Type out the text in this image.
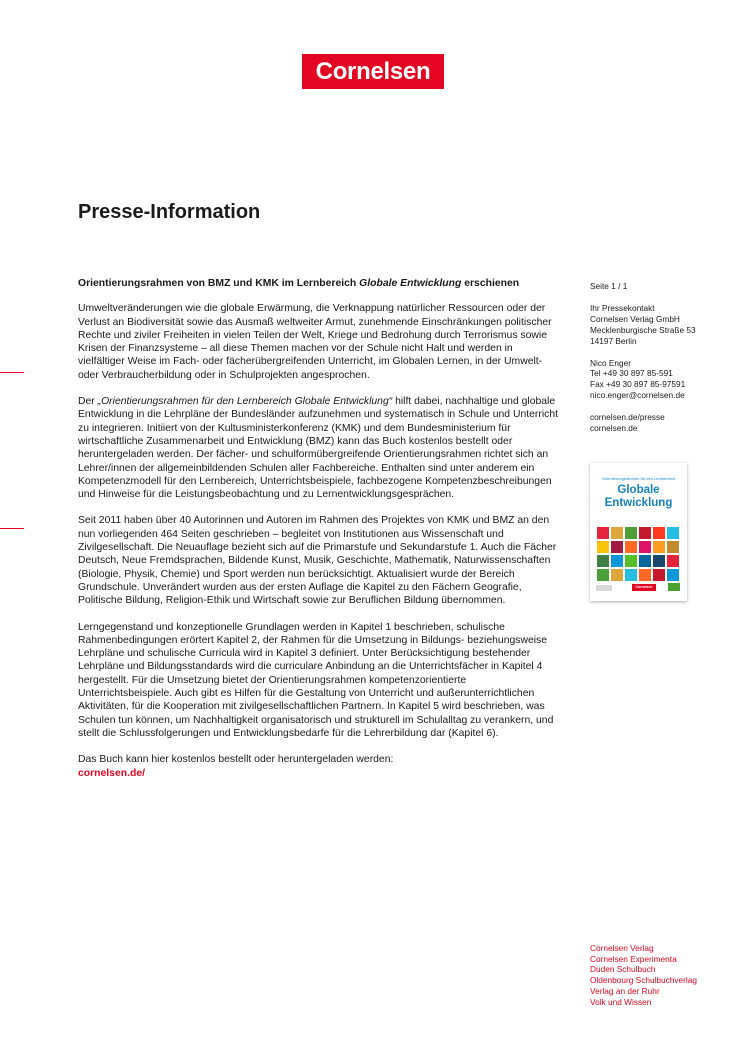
Cornelsen
Presse-Information
Orientierungsrahmen von BMZ und KMK im Lernbereich Globale Entwicklung erschienen

Umweltveränderungen wie die globale Erwärmung, die Verknappung natürlicher Ressourcen oder der Verlust an Biodiversität sowie das Ausmaß weltweiter Armut, zunehmende Einschränkungen politischer Rechte und ziviler Freiheiten in vielen Teilen der Welt, Kriege und Bedrohung durch Terrorismus sowie Krisen der Finanzsysteme – all diese Themen machen vor der Schule nicht Halt und werden in vielfältiger Weise im Fach- oder fächerübergreifenden Unterricht, im Globalen Lernen, in der Umwelt- oder Verbraucherbildung oder in Schulprojekten angesprochen.

Der „Orientierungsrahmen für den Lernbereich Globale Entwicklung“ hilft dabei, nachhaltige und globale Entwicklung in die Lehrpläne der Bundesländer aufzunehmen und systematisch in Schule und Unterricht zu integrieren. Initiiert von der Kultusministerkonferenz (KMK) und dem Bundesministerium für wirtschaftliche Zusammenarbeit und Entwicklung (BMZ) kann das Buch kostenlos bestellt oder heruntergeladen werden. Der fächer- und schulformübergreifende Orientierungsrahmen richtet sich an Lehrer/innen der allgemeinbildenden Schulen aller Fachbereiche. Enthalten sind unter anderem ein Kompetenzmodell für den Lernbereich, Unterrichtsbeispiele, fachbezogene Kompetenzbeschreibungen und Hinweise für die Leistungsbeobachtung und zu Lernentwicklungsgesprächen.

Seit 2011 haben über 40 Autorinnen und Autoren im Rahmen des Projektes von KMK und BMZ an den nun vorliegenden 464 Seiten geschrieben – begleitet von Institutionen aus Wissenschaft und Zivilgesellschaft. Die Neuauflage bezieht sich auf die Primarstufe und Sekundarstufe 1. Auch die Fächer Deutsch, Neue Fremdsprachen, Bildende Kunst, Musik, Geschichte, Mathematik, Naturwissenschaften (Biologie, Physik, Chemie) und Sport werden nun berücksichtigt. Aktualisiert wurde der Bereich Grundschule. Unverändert wurden aus der ersten Auflage die Kapitel zu den Fächern Geografie, Politische Bildung, Religion-Ethik und Wirtschaft sowie zur Beruflichen Bildung übernommen.

Lerngegenstand und konzeptionelle Grundlagen werden in Kapitel 1 beschrieben, schulische Rahmenbedingungen erörtert Kapitel 2, der Rahmen für die Umsetzung in Bildungs- beziehungsweise Lehrpläne und schulische Curricula wird in Kapitel 3 definiert. Unter Berücksichtigung bestehender Lehrpläne und Bildungsstandards wird die curriculare Anbindung an die Unterrichtsfächer in Kapitel 4 hergestellt. Für die Umsetzung bietet der Orientierungsrahmen kompetenzorientierte Unterrichtsbeispiele. Auch gibt es Hilfen für die Gestaltung von Unterricht und außerunterrichtlichen Aktivitäten, für die Kooperation mit zivilgesellschaftlichen Partnern. In Kapitel 5 wird beschrieben, was Schulen tun können, um Nachhaltigkeit organisatorisch und strukturell im Schulalltag zu verankern, und stellt die Schlussfolgerungen und Entwicklungsbedarfe für die Lehrerbildung dar (Kapitel 6).

Das Buch kann hier kostenlos bestellt oder heruntergeladen werden:
cornelsen.de/
Seite 1 / 1
Ihr Pressekontakt
Cornelsen Verlag GmbH
Mecklenburgische Straße 53
14197 Berlin
Nico Enger
Tel +49 30 897 85-591
Fax +49 30 897 85-97591
nico.enger@cornelsen.de
cornelsen.de/presse
cornelsen.de
Orientierungsrahmen für den Lernbereich
Globale
Entwicklung
Cornelsen
Cornelsen Verlag
Cornelsen Experimenta
Duden Schulbuch
Oldenbourg Schulbuchverlag
Verlag an der Ruhr
Volk und Wissen
